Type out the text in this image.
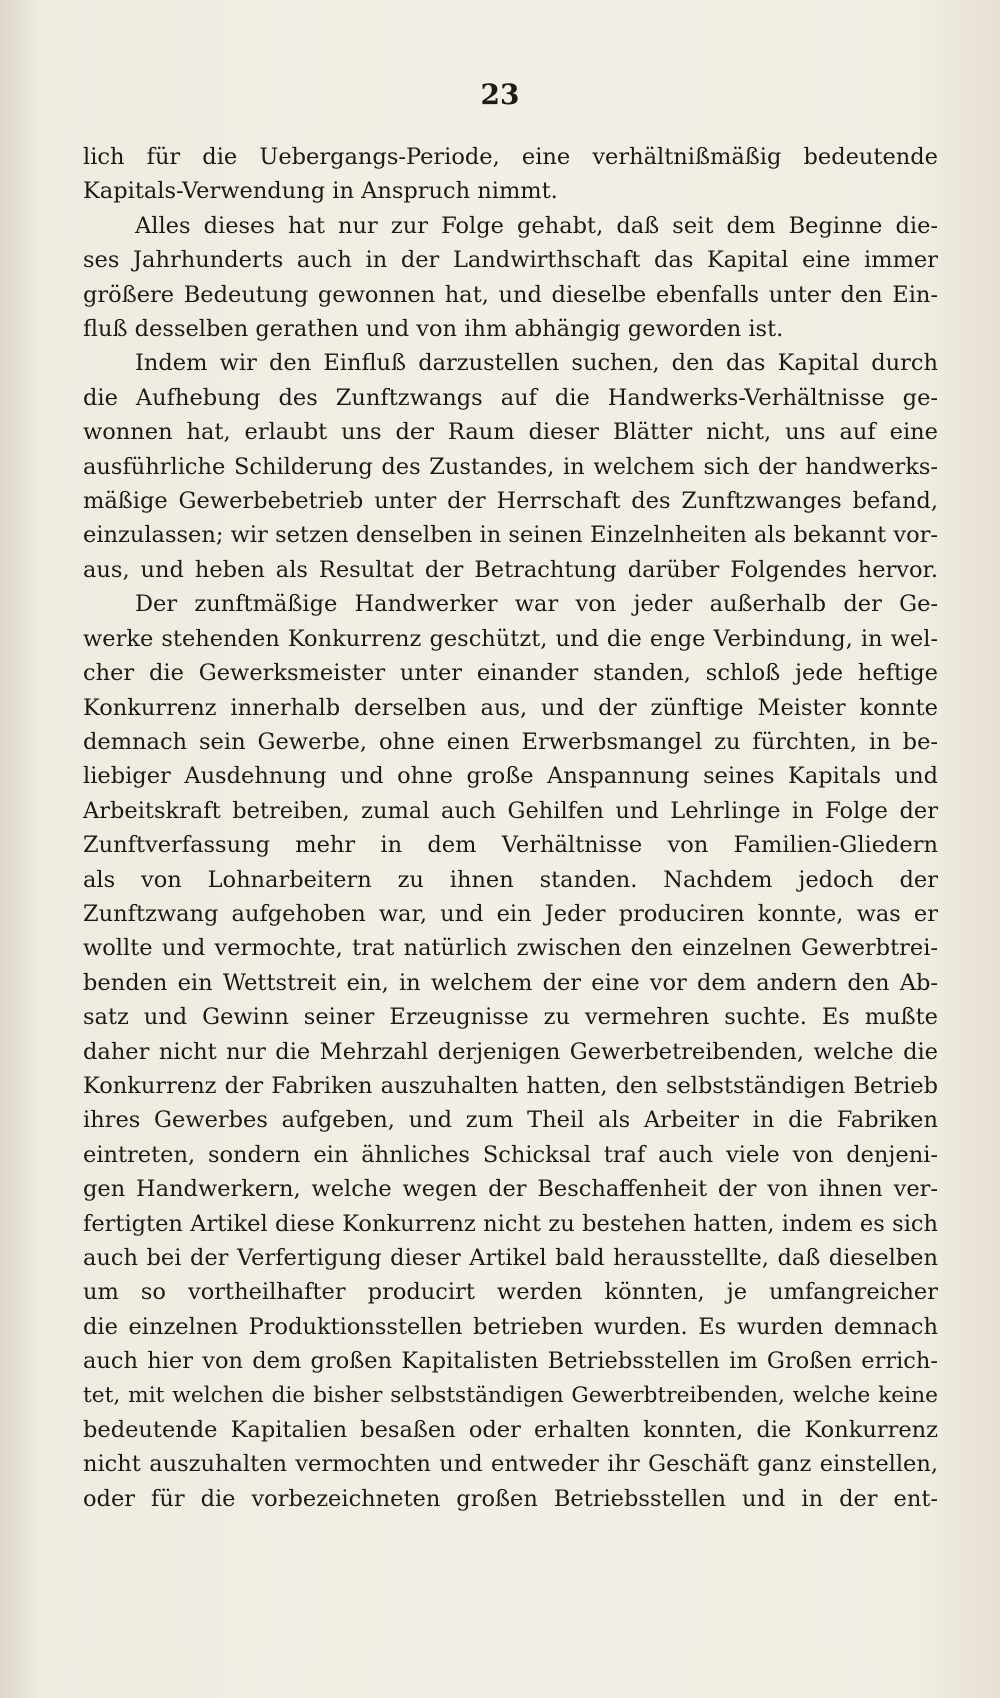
23
lich für die Uebergangs-Periode, eine verhältnißmäßig bedeutende
Kapitals-Verwendung in Anspruch nimmt.
Alles dieses hat nur zur Folge gehabt, daß seit dem Beginne die-
ses Jahrhunderts auch in der Landwirthschaft das Kapital eine immer
größere Bedeutung gewonnen hat, und dieselbe ebenfalls unter den Ein-
fluß desselben gerathen und von ihm abhängig geworden ist.
Indem wir den Einfluß darzustellen suchen, den das Kapital durch
die Aufhebung des Zunftzwangs auf die Handwerks-Verhältnisse ge-
wonnen hat, erlaubt uns der Raum dieser Blätter nicht, uns auf eine
ausführliche Schilderung des Zustandes, in welchem sich der handwerks-
mäßige Gewerbebetrieb unter der Herrschaft des Zunftzwanges befand,
einzulassen; wir setzen denselben in seinen Einzelnheiten als bekannt vor-
aus, und heben als Resultat der Betrachtung darüber Folgendes hervor.
Der zunftmäßige Handwerker war von jeder außerhalb der Ge-
werke stehenden Konkurrenz geschützt, und die enge Verbindung, in wel-
cher die Gewerksmeister unter einander standen, schloß jede heftige
Konkurrenz innerhalb derselben aus, und der zünftige Meister konnte
demnach sein Gewerbe, ohne einen Erwerbsmangel zu fürchten, in be-
liebiger Ausdehnung und ohne große Anspannung seines Kapitals und
Arbeitskraft betreiben, zumal auch Gehilfen und Lehrlinge in Folge der
Zunftverfassung mehr in dem Verhältnisse von Familien-Gliedern
als von Lohnarbeitern zu ihnen standen. Nachdem jedoch der
Zunftzwang aufgehoben war, und ein Jeder produciren konnte, was er
wollte und vermochte, trat natürlich zwischen den einzelnen Gewerbtrei-
benden ein Wettstreit ein, in welchem der eine vor dem andern den Ab-
satz und Gewinn seiner Erzeugnisse zu vermehren suchte. Es mußte
daher nicht nur die Mehrzahl derjenigen Gewerbetreibenden, welche die
Konkurrenz der Fabriken auszuhalten hatten, den selbstständigen Betrieb
ihres Gewerbes aufgeben, und zum Theil als Arbeiter in die Fabriken
eintreten, sondern ein ähnliches Schicksal traf auch viele von denjeni-
gen Handwerkern, welche wegen der Beschaffenheit der von ihnen ver-
fertigten Artikel diese Konkurrenz nicht zu bestehen hatten, indem es sich
auch bei der Verfertigung dieser Artikel bald herausstellte, daß dieselben
um so vortheilhafter producirt werden könnten, je umfangreicher
die einzelnen Produktionsstellen betrieben wurden. Es wurden demnach
auch hier von dem großen Kapitalisten Betriebsstellen im Großen errich-
tet, mit welchen die bisher selbstständigen Gewerbtreibenden, welche keine
bedeutende Kapitalien besaßen oder erhalten konnten, die Konkurrenz
nicht auszuhalten vermochten und entweder ihr Geschäft ganz einstellen,
oder für die vorbezeichneten großen Betriebsstellen und in der ent-
